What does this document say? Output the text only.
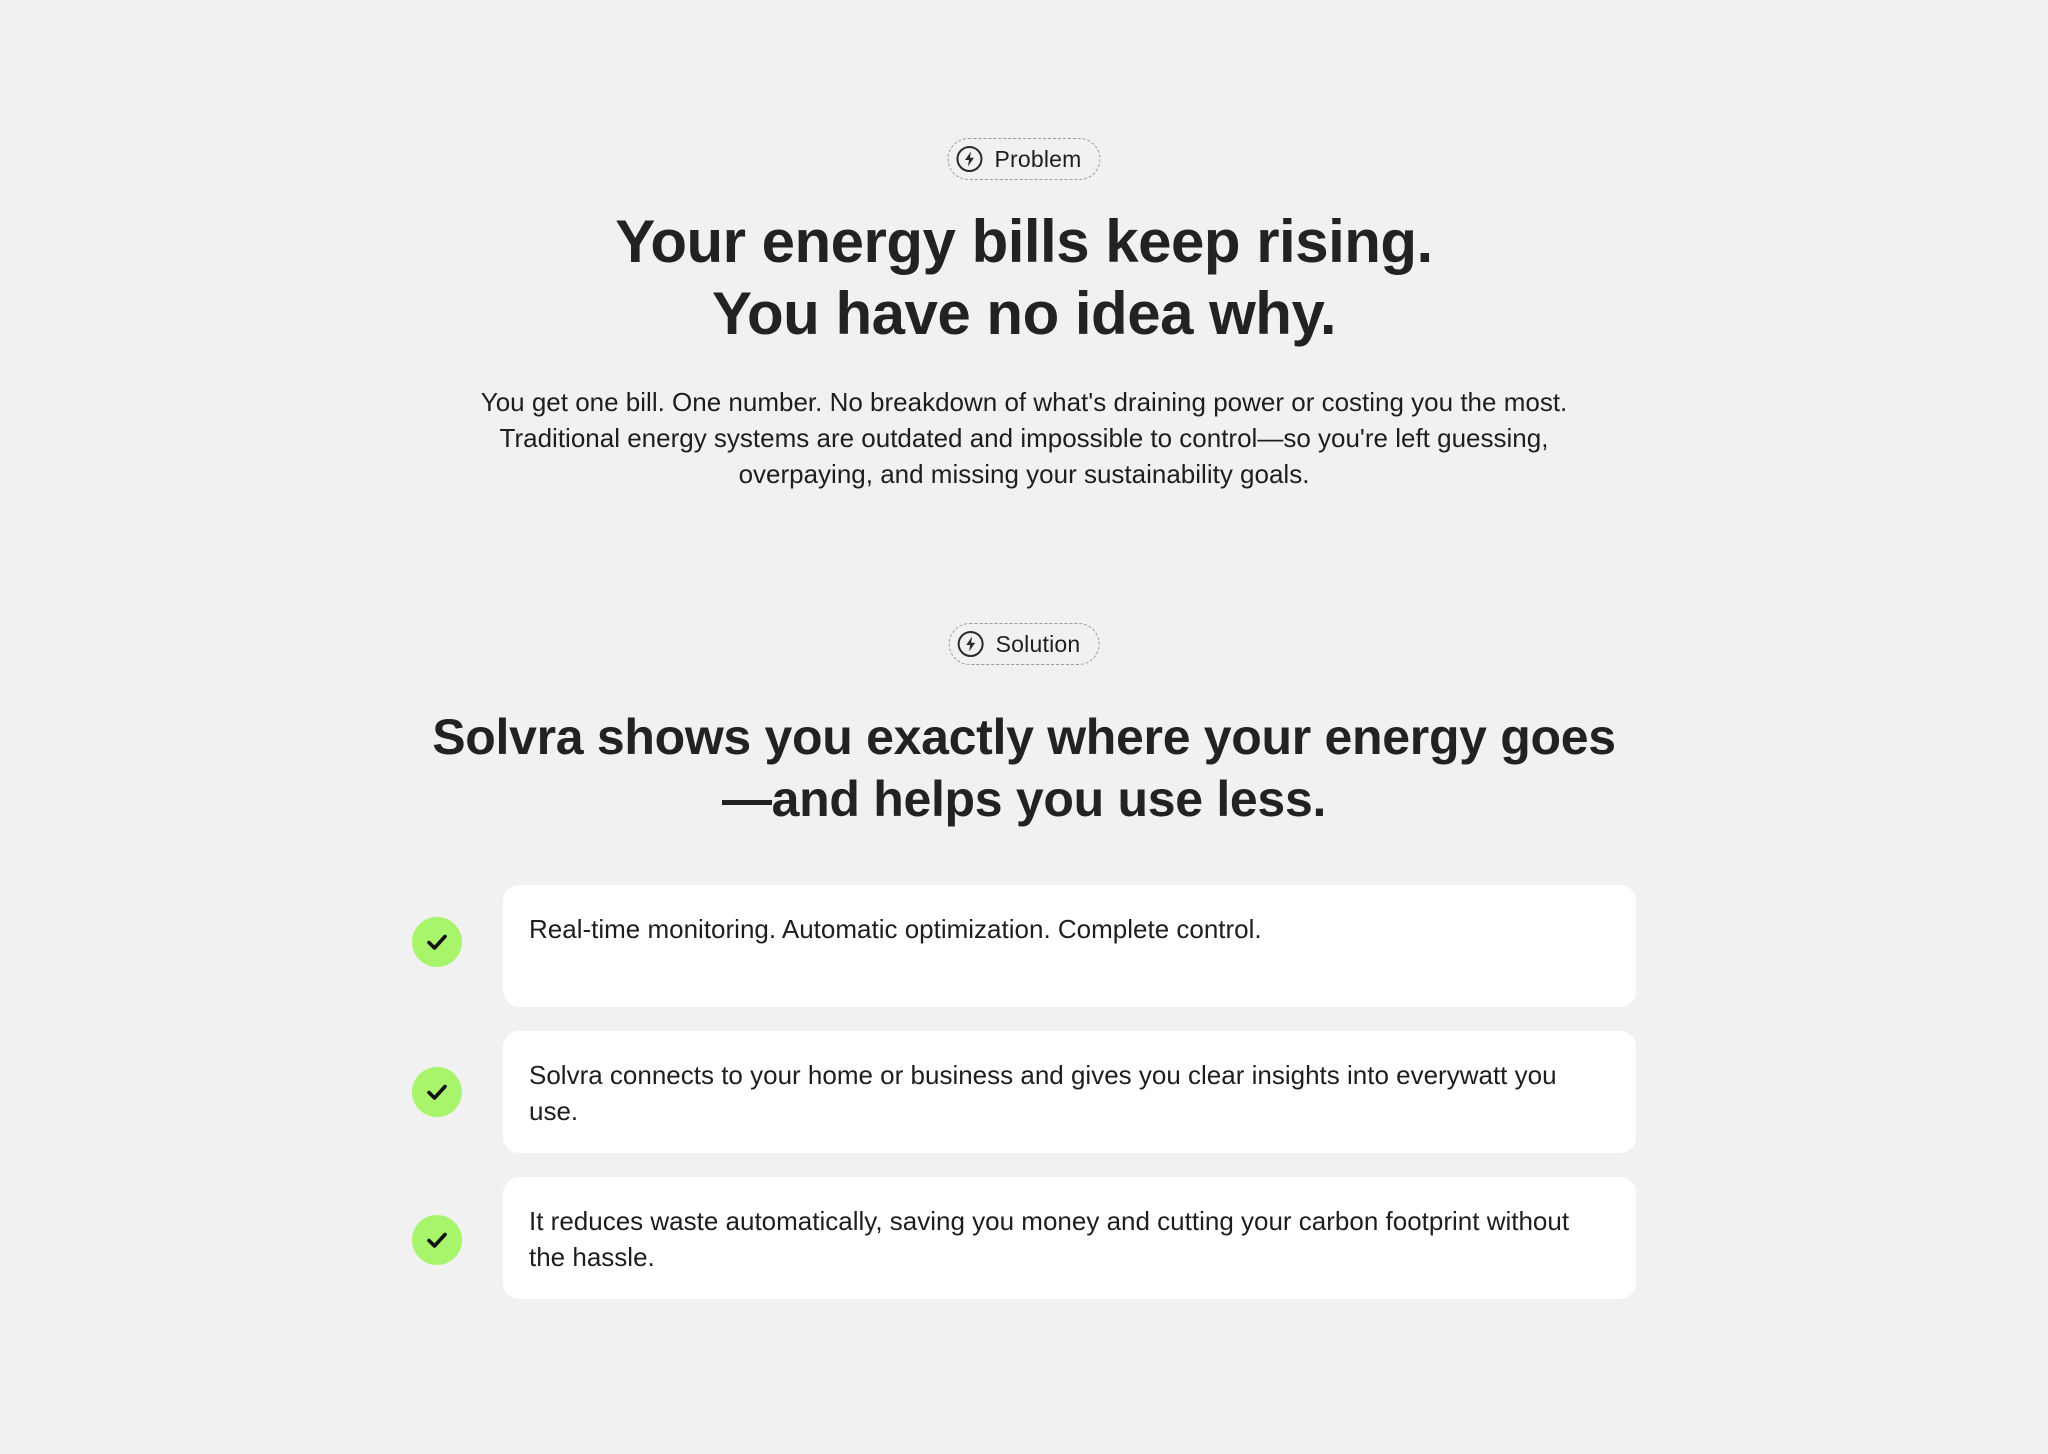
Problem
Your energy bills keep rising.
You have no idea why.

You get one bill. One number. No breakdown of what's draining power or costing you the most.
Traditional energy systems are outdated and impossible to control—so you're left guessing,
overpaying, and missing your sustainability goals.

Solution
Solvra shows you exactly where your energy goes
—and helps you use less.
Real-time monitoring. Automatic optimization. Complete control.
Solvra connects to your home or business and gives you clear insights into everywatt you use.
It reduces waste automatically, saving you money and cutting your carbon footprint without the hassle.
